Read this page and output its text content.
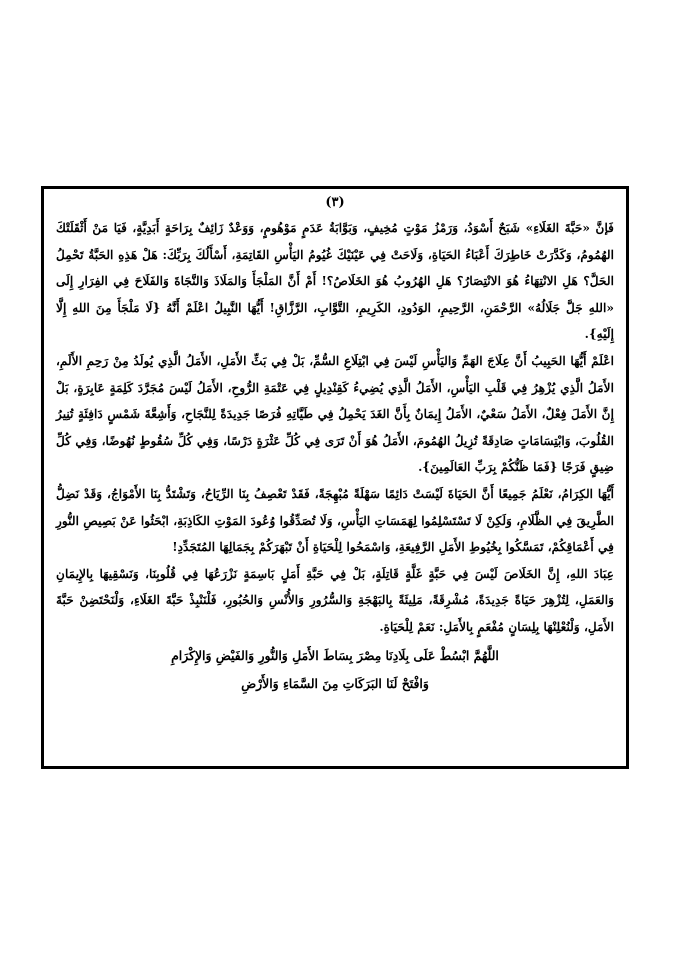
(٣)

فَإنَّ «حَبَّةَ الغَلَاءِ» شَبَحٌ أَسْوَدُ، وَرَمْزُ مَوْتٍ مُخِيفٍ، وَبَوَّابَةُ عَدَمٍ مَوْهُومٍ، وَوَعْدٌ زَائِفٌ بِرَاحَةٍ أَبَدِيَّةٍ، فَيَا مَنْ أَثْقَلَتْكَ الهُمُومُ، وَكَدَّرَتْ خَاطِرَكَ أَعْبَاءُ الحَيَاةِ، وَلَاحَتْ فِي عَيْنَيْكَ غُيُومُ اليَأْسِ القَاتِمَةِ، أَسْأَلُكَ بِرَبِّكَ: هَلْ هَذِهِ الحَبَّةُ تَحْمِلُ الحَلَّ؟ هَلِ الانْتِهَاءُ هُوَ الانْتِصَارُ؟ هَلِ الهُرُوبُ هُوَ الخَلَاصُ؟! أَمْ أَنَّ المَلْجَأَ وَالمَلَاذَ وَالنَّجَاةَ وَالفَلَاحَ فِي الفِرَارِ إِلَى «اللهِ جَلَّ جَلَالُهُ» الرَّحْمَنِ، الرَّحِيمِ، الوَدُودِ، الكَرِيمِ، التَّوَّابِ، الرَّزَّاقِ! أَيُّهَا النَّبِيلُ اعْلَمْ أَنَّهُ {لَا مَلْجَأَ مِنَ اللهِ إِلَّا إِلَيْهِ}.

اعْلَمْ أَيُّهَا الحَبِيبُ أَنَّ عِلَاجَ الهَمِّ وَاليَأْسِ لَيْسَ فِي ابْتِلَاعِ السُّمِّ، بَلْ فِي بَثِّ الأَمَلِ، الأَمَلُ الَّذِي يُولَدُ مِنْ رَحِمِ الأَلَمِ، الأَمَلُ الَّذِي يُزْهِرُ فِي قَلْبِ اليَأْسِ، الأَمَلُ الَّذِي يُضِيءُ كَقِنْدِيلٍ فِي عَتْمَةِ الرُّوحِ، الأَمَلُ لَيْسَ مُجَرَّدَ كَلِمَةٍ عَابِرَةٍ، بَلْ إِنَّ الأَمَلَ فِعْلٌ، الأَمَلُ سَعْيٌ، الأَمَلُ إِيمَانٌ بِأَنَّ الغَدَ يَحْمِلُ فِي طَيَّاتِهِ فُرَصًا جَدِيدَةً لِلنَّجَاحِ، وَأَشِعَّةَ شَمْسٍ دَافِئَةٍ تُنِيرُ القُلُوبَ، وَابْتِسَامَاتٍ صَادِقَةً تُزِيلُ الهُمُومَ، الأَمَلُ هُوَ أَنْ تَرَى فِي كُلِّ عَثْرَةٍ دَرْسًا، وَفِي كُلِّ سُقُوطٍ نُهُوضًا، وَفِي كُلِّ ضِيقٍ فَرَجًا {فَمَا ظَنُّكُمْ بِرَبِّ العَالَمِينَ}.

أَيُّهَا الكِرَامُ، نَعْلَمُ جَمِيعًا أَنَّ الحَيَاةَ لَيْسَتْ دَائِمًا سَهْلَةً مُبْهِجَةً، فَقَدْ تَعْصِفُ بِنَا الرِّيَاحُ، وَتَشْتَدُّ بِنَا الأَمْوَاجُ، وَقَدْ نَضِلُّ الطَّرِيقَ فِي الظَّلَامِ، وَلَكِنْ لَا تَسْتَسْلِمُوا لِهَمَسَاتِ اليَأْسِ، وَلَا تُصَدِّقُوا وُعُودَ المَوْتِ الكَاذِبَةِ، ابْحَثُوا عَنْ بَصِيصِ النُّورِ فِي أَعْمَاقِكُمْ، تَمَسَّكُوا بِخُيُوطِ الأَمَلِ الرَّفِيعَةِ، وَاسْمَحُوا لِلْحَيَاةِ أَنْ تَبْهَرَكُمْ بِجَمَالِهَا المُتَجَدِّدِ!

عِبَادَ اللهِ، إِنَّ الخَلَاصَ لَيْسَ فِي حَبَّةٍ غَلَّةٍ قَاتِلَةٍ، بَلْ فِي حَبَّةِ أَمَلٍ بَاسِمَةٍ نَزْرَعُهَا فِي قُلُوبِنَا، وَنَسْقِيهَا بِالإِيمَانِ وَالعَمَلِ، لِتُزْهِرَ حَيَاةً جَدِيدَةً، مُشْرِقَةً، مَلِيئَةً بِالبَهْجَةِ وَالسُّرُورِ وَالأُنْسِ وَالحُبُورِ، فَلْنَنْبِذْ حَبَّةَ الغَلَاءِ، وَلْنَحْتَضِنْ حَبَّةَ الأَمَلِ، وَلْنُعْلِنْهَا بِلِسَانٍ مُفْعَمٍ بِالأَمَلِ: نَعَمْ لِلْحَيَاةِ.

اللَّهُمَّ ابْسُطْ عَلَى بِلَادِنَا مِصْرَ بِسَاطَ الأَمَلِ وَالنُّورِ وَالفَيْضِ وَالإِكْرَامِ
وَافْتَحْ لَنَا البَرَكَاتِ مِنَ السَّمَاءِ وَالأَرْضِ
